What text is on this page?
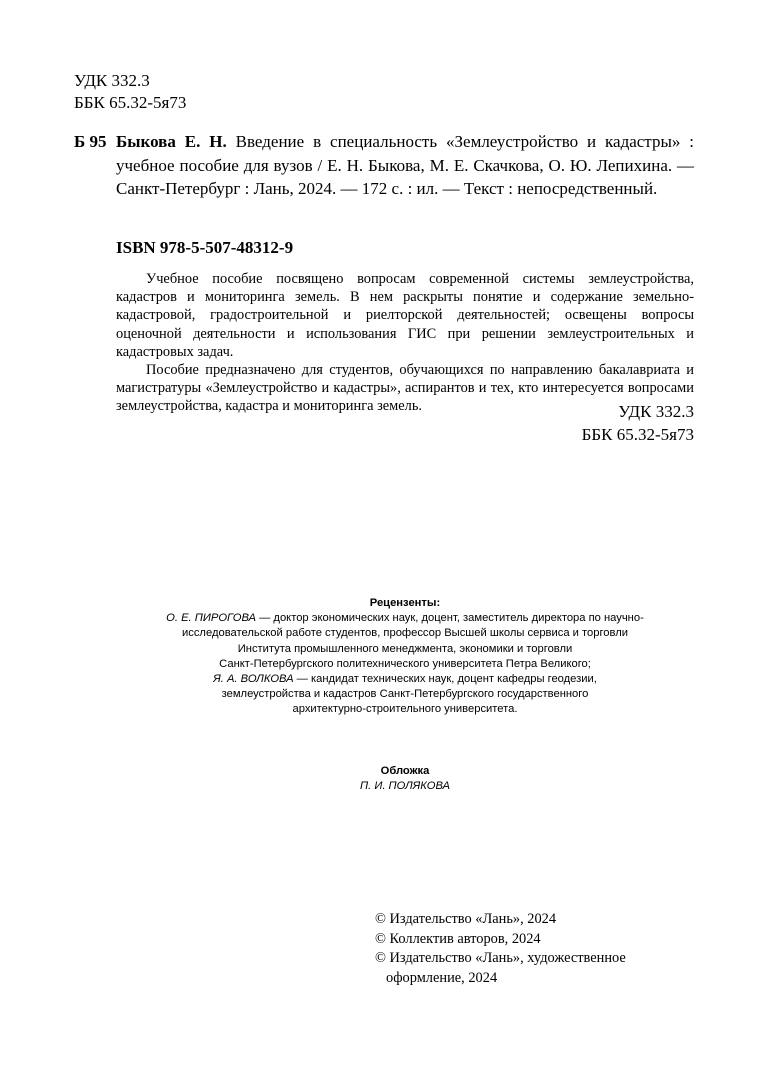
УДК 332.3
ББК 65.32-5я73
Б 95 Быкова Е. Н. Введение в специальность «Землеустройство и кадастры» : учебное пособие для вузов / Е. Н. Быкова, М. Е. Скачкова, О. Ю. Лепихина. — Санкт-Петербург : Лань, 2024. — 172 с. : ил. — Текст : непосредственный.
ISBN 978-5-507-48312-9

Учебное пособие посвящено вопросам современной системы землеустройства, кадастров и мониторинга земель. В нем раскрыты понятие и содержание земельно-кадастровой, градостроительной и риелторской деятельностей; освещены вопросы оценочной деятельности и использования ГИС при решении землеустроительных и кадастровых задач.

Пособие предназначено для студентов, обучающихся по направлению бакалавриата и магистратуры «Землеустройство и кадастры», аспирантов и тех, кто интересуется вопросами землеустройства, кадастра и мониторинга земель.	УДК 332.3
ББК 65.32-5я73
Рецензенты:
О. Е. ПИРОГОВА — доктор экономических наук, доцент, заместитель директора по научно-
исследовательской работе студентов, профессор Высшей школы сервиса и торговли
Института промышленного менеджмента, экономики и торговли
Санкт-Петербургского политехнического университета Петра Великого;
Я. А. ВОЛКОВА — кандидат технических наук, доцент кафедры геодезии,
землеустройства и кадастров Санкт-Петербургского государственного
архитектурно-строительного университета.
Обложка
П. И. ПОЛЯКОВА
© Издательство «Лань», 2024
© Коллектив авторов, 2024
© Издательство «Лань», художественное
оформление, 2024
